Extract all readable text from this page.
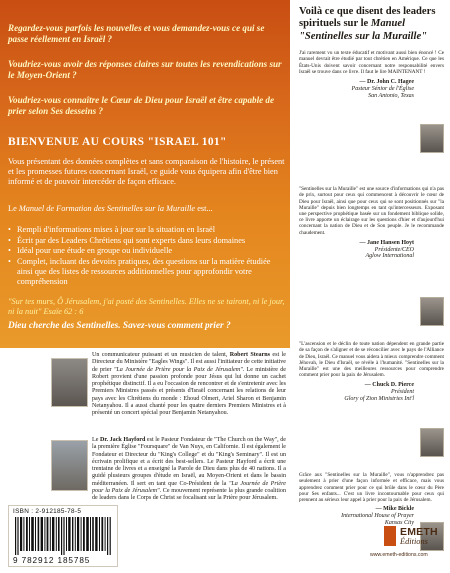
Regardez-vous parfois les nouvelles et vous demandez-vous ce qui se passe réellement en Israël ?

Voudriez-vous avoir des réponses claires sur toutes les revendications sur le Moyen-Orient ?

Voudriez-vous connaître le Cœur de Dieu pour Israël et être capable de prier selon Ses desseins ?

BIENVENUE AU COURS "ISRAEL 101"

Vous présentant des données complètes et sans comparaison de l'histoire, le présent et les promesses futures concernant Israël, ce guide vous équipera afin d'être bien informé et de pouvoir intercéder de façon efficace.

Le Manuel de Formation des Sentinelles sur la Muraille est...

• Rempli d'informations mises à jour sur la situation en Israël
• Écrit par des Leaders Chrétiens qui sont experts dans leurs domaines
• Idéal pour une étude en groupe ou individuelle
• Complet, incluant des devoirs pratiques, des questions sur la matière étudiée ainsi que des listes de ressources additionnelles pour approfondir votre compréhension

"Sur tes murs, Ô Jérusalem, j'ai posté des Sentinelles. Elles ne se tairont, ni le jour, ni la nuit" Esaïe 62 : 6

Dieu cherche des Sentinelles. Savez-vous comment prier ?

Un communicateur puissant et un musicien de talent, Robert Stearns est le Directeur du Ministère "Eagles Wings". Il est aussi l'initiateur de cette initiative de prier "La Journée de Prière pour la Paix de Jérusalem". Le ministère de Robert provient d'une passion profonde pour Jésus qui lui donne un cachet prophétique distinctif. Il a eu l'occasion de rencontrer et de s'entretenir avec les Premiers Ministres passés et présents d'Israël concernant les relations de leur pays avec les Chrétiens du monde : Ehoud Olmert, Ariel Sharon et Benjamin Netanyahou. Il a aussi chanté pour les quatre derniers Premiers Ministres et à présenté un concert spécial pour Benjamin Netanyahou.

Le Dr. Jack Hayford est le Pasteur Fondateur de "The Church on the Way", de la première Église "Foursquare" de Van Nuys, en Californie. Il est également le Fondateur et Directeur du "King's College" et du "King's Seminary". Il est un écrivain prolifique et a écrit des best-sellers. Le Pasteur Hayford a écrit une trentaine de livres et a enseigné la Parole de Dieu dans plus de 40 nations. Il a guidé plusieurs groupes d'étude en Israël, au Moyen-Orient et dans le bassin méditerranéen. Il sert en tant que Co-Président de la "La Journée de Prière pour la Paix de Jérusalem". Ce mouvement représente la plus grande coalition de leaders dans le Corps de Christ se focalisant sur la Prière pour Jérusalem.

ISBN : 2-912185-78-5
9 782912 185785
Voilà ce que disent des leaders spirituels sur le Manuel "Sentinelles sur la Muraille"

J'ai rarement vu un texte éducatif et motivant aussi bien énoncé ! Ce manuel devrait être étudié par tout chrétien en Amérique. Ce que les États-Unis doivent savoir concernant notre responsabilité envers Israël se trouve dans ce livre. Il faut le lire MAINTENANT !

— Dr. John C. Hagee
Pasteur Sénior de l'Église
San Antonio, Texas

"Sentinelles sur la Muraille" est une source d'informations qui n'a pas de prix, surtout pour ceux qui commencent à découvrir le cœur de Dieu pour Israël, ainsi que pour ceux qui se sont positionnés sur "la Muraille" depuis bien longtemps en tant qu'intercesseurs. Exposant une perspective prophétique basée sur un fondement biblique solide, ce livre apporte un éclairage sur les questions d'hier et d'aujourd'hui concernant la nation de Dieu et de Son peuple. Je le recommande chaudement.

— Jane Hansen Hoyt
Présidente/CEO
Aglow International

"L'ascension et le déclin de toute nation dépendent en grande partie de sa façon de s'aligner et de se réconcilier avec le pays de l'Alliance de Dieu, Israël. Ce manuel vous aidera à mieux comprendre comment Jéhovah, le Dieu d'Israël, se révèle à l'humanité. "Sentinelles sur la Muraille" est une des meilleures ressources pour comprendre comment prier pour la paix de Jérusalem.

— Chuck D. Pierce
Président
Glory of Zion Ministries Int'l

Grâce aux "Sentinelles sur la Muraille", vous n'apprendrez pas seulement à prier d'une façon informée et efficace, mais vous apprendrez comment prier pour ce qui brûle dans le cœur du Père pour Ses enfants... C'est un livre incontournable pour ceux qui prennent au sérieux leur appel à prier pour la paix de Jérusalem.

— Mike Bickle
International House of Prayer
Kansas City
EMETH
Éditions
www.emeth-editions.com
